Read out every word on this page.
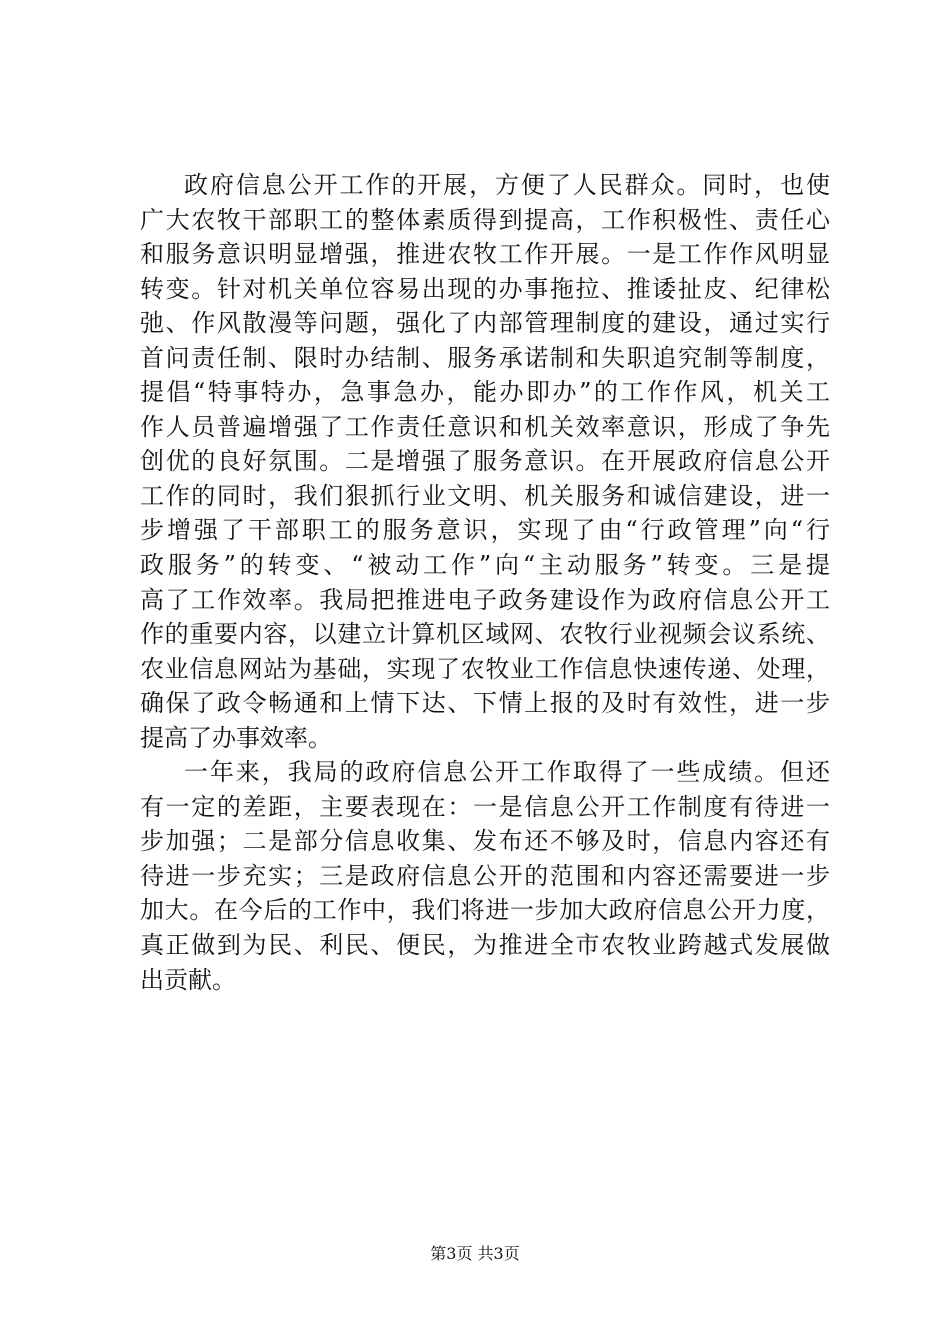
政府信息公开工作的开展，方便了人民群众。同时，也使
广大农牧干部职工的整体素质得到提高，工作积极性、责任心
和服务意识明显增强，推进农牧工作开展。一是工作作风明显
转变。针对机关单位容易出现的办事拖拉、推诿扯皮、纪律松
弛、作风散漫等问题，强化了内部管理制度的建设，通过实行
首问责任制、限时办结制、服务承诺制和失职追究制等制度，
提倡“特事特办，急事急办，能办即办”的工作作风，机关工
作人员普遍增强了工作责任意识和机关效率意识，形成了争先
创优的良好氛围。二是增强了服务意识。在开展政府信息公开
工作的同时，我们狠抓行业文明、机关服务和诚信建设，进一
步增强了干部职工的服务意识，实现了由“行政管理”向“行
政服务”的转变、“被动工作”向“主动服务”转变。三是提
高了工作效率。我局把推进电子政务建设作为政府信息公开工
作的重要内容，以建立计算机区域网、农牧行业视频会议系统、
农业信息网站为基础，实现了农牧业工作信息快速传递、处理，
确保了政令畅通和上情下达、下情上报的及时有效性，进一步
提高了办事效率。
一年来，我局的政府信息公开工作取得了一些成绩。但还
有一定的差距，主要表现在：一是信息公开工作制度有待进一
步加强；二是部分信息收集、发布还不够及时，信息内容还有
待进一步充实；三是政府信息公开的范围和内容还需要进一步
加大。在今后的工作中，我们将进一步加大政府信息公开力度，
真正做到为民、利民、便民，为推进全市农牧业跨越式发展做
出贡献。
第3页 共3页
